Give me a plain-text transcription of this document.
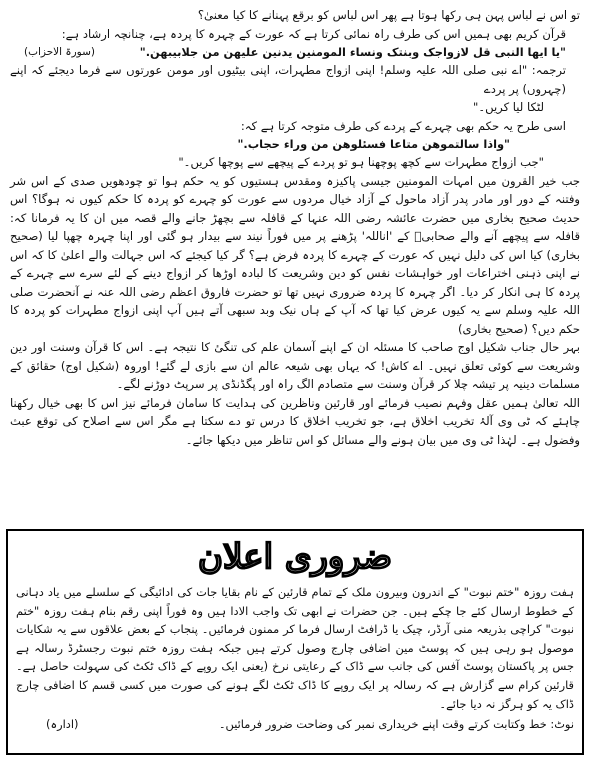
تو اس نے لباس پہن ہی رکھا ہوتا ہے پھر اس لباس کو برقع پہنانے کا کیا معنیٰ؟

قرآن کریم بھی ہمیں اس کی طرف راہ نمائی کرتا ہے کہ عورت کے چہرہ کا پردہ ہے، چنانچہ ارشاد ہے:

"یا ایھا النبی قل لازواجک وبنتک ونساء المومنین یدنین علیھن من جلابیبھن."
(سورۃ الاحزاب)

ترجمہ: "اے نبی صلی اللہ علیہ وسلم! اپنی ازواج مطہرات، اپنی بیٹیوں اور مومن عورتوں سے فرما دیجئے کہ اپنے (چہروں) پر پردے

لٹکا لیا کریں۔"

اسی طرح یہ حکم بھی چہرے کے پردے کی طرف متوجہ کرتا ہے کہ:

"واذا سالتموھن متاعا فسئلوھن من وراء حجاب."

"جب ازواج مطہرات سے کچھ پوچھنا ہو تو پردے کے پیچھے سے پوچھا کریں۔"

جب خیر القرون میں امہات المومنین جیسی پاکیزہ ومقدس ہستیوں کو یہ حکم ہوا تو چودھویں صدی کے اس شر وفتنہ کے دور اور مادر پدر آزاد ماحول کے آزاد خیال مردوں سے عورت کو چہرے کو پردہ کا حکم کیوں نہ ہوگا؟ اس حدیث صحیح بخاری میں حضرت عائشہ رضی اللہ عنہا کے قافلہ سے بچھڑ جانے والے قصہ میں ان کا یہ فرمانا کہ: قافلہ سے پیچھے آنے والے صحابیؓ کے 'اناللہ' پڑھنے پر میں فوراً نیند سے بیدار ہو گئی اور اپنا چہرہ چھپا لیا (صحیح بخاری) کیا اس کی دلیل نہیں کہ عورت کے چہرے کا پردہ فرض ہے؟ گر کیا کیجئے کہ اس جہالت والے اعلیٰ کا کہ اس نے اپنی ذہنی اختراعات اور خواہشات نفس کو دین وشریعت کا لبادہ اوڑھا کر ازواج دینے کے لئے سرے سے چہرے کے پردہ کا ہی انکار کر دیا۔ اگر چہرہ کا پردہ ضروری نہیں تھا تو حضرت فاروق اعظم رضی اللہ عنہ نے آنحضرت صلی اللہ علیہ وسلم سے یہ کیوں عرض کیا تھا کہ آپ کے ہاں نیک وبد سبھی آتے ہیں آپ اپنی ازواج مطہرات کو پردہ کا حکم دیں؟ (صحیح بخاری)

بہر حال جناب شکیل اوج صاحب کا مسئلہ ان کے اپنے آسمان علم کی تنگیٔ کا نتیجہ ہے۔ اس کا قرآن وسنت اور دین وشریعت سے کوئی تعلق نہیں۔ اے کاش! کہ یہاں بھی شیعہ عالم ان سے بازی لے گئے! اوروہ (شکیل اوج) حقائق کے مسلمات دینیہ پر تیشہ چلا کر قرآن وسنت سے متصادم الگ راہ اور پگڈنڈی پر سرپٹ دوڑنے لگے۔

اللہ تعالیٰ ہمیں عقل وفہم نصیب فرمائے اور قارئین وناظرین کی ہدایت کا سامان فرمائے نیز اس کا بھی خیال رکھنا چاہئے کہ ٹی وی آلۂ تخریب اخلاق ہے، جو تخریب اخلاق کا درس تو دے سکتا ہے مگر اس سے اصلاح کی توقع عبث وفضول ہے۔ لہٰذا ٹی وی میں بیان ہونے والے مسائل کو اس تناظر میں دیکھا جائے۔

ضروری اعلان

ہفت روزہ "ختم نبوت" کے اندرون وبیرون ملک کے تمام قارئین کے نام بقایا جات کی ادائیگی کے سلسلے میں یاد دہانی کے خطوط ارسال کئے جا چکے ہیں۔ جن حضرات نے ابھی تک واجب الادا ہیں وہ فوراً اپنی رقم بنام ہفت روزہ "ختم نبوت" کراچی بذریعہ منی آرڈر، چیک یا ڈرافٹ ارسال فرما کر ممنون فرمائیں۔ پنجاب کے بعض علاقوں سے یہ شکایات موصول ہو رہی ہیں کہ پوسٹ مین اضافی چارج وصول کرتے ہیں جبکہ ہفت روزہ ختم نبوت رجسٹرڈ رسالہ ہے جس پر پاکستان پوسٹ آفس کی جانب سے ڈاک کے رعایتی نرخ (یعنی ایک روپے کے ڈاک ٹکٹ کی سہولت حاصل ہے۔ قارئین کرام سے گزارش ہے کہ رسالہ پر ایک روپے کا ڈاک ٹکٹ لگے ہونے کی صورت میں کسی قسم کا اضافی چارج ڈاک یہ کو ہرگز نہ دیا جائے۔

نوٹ: خط وکتابت کرتے وقت اپنے خریداری نمبر کی وضاحت ضرور فرمائیں۔
(ادارہ)
